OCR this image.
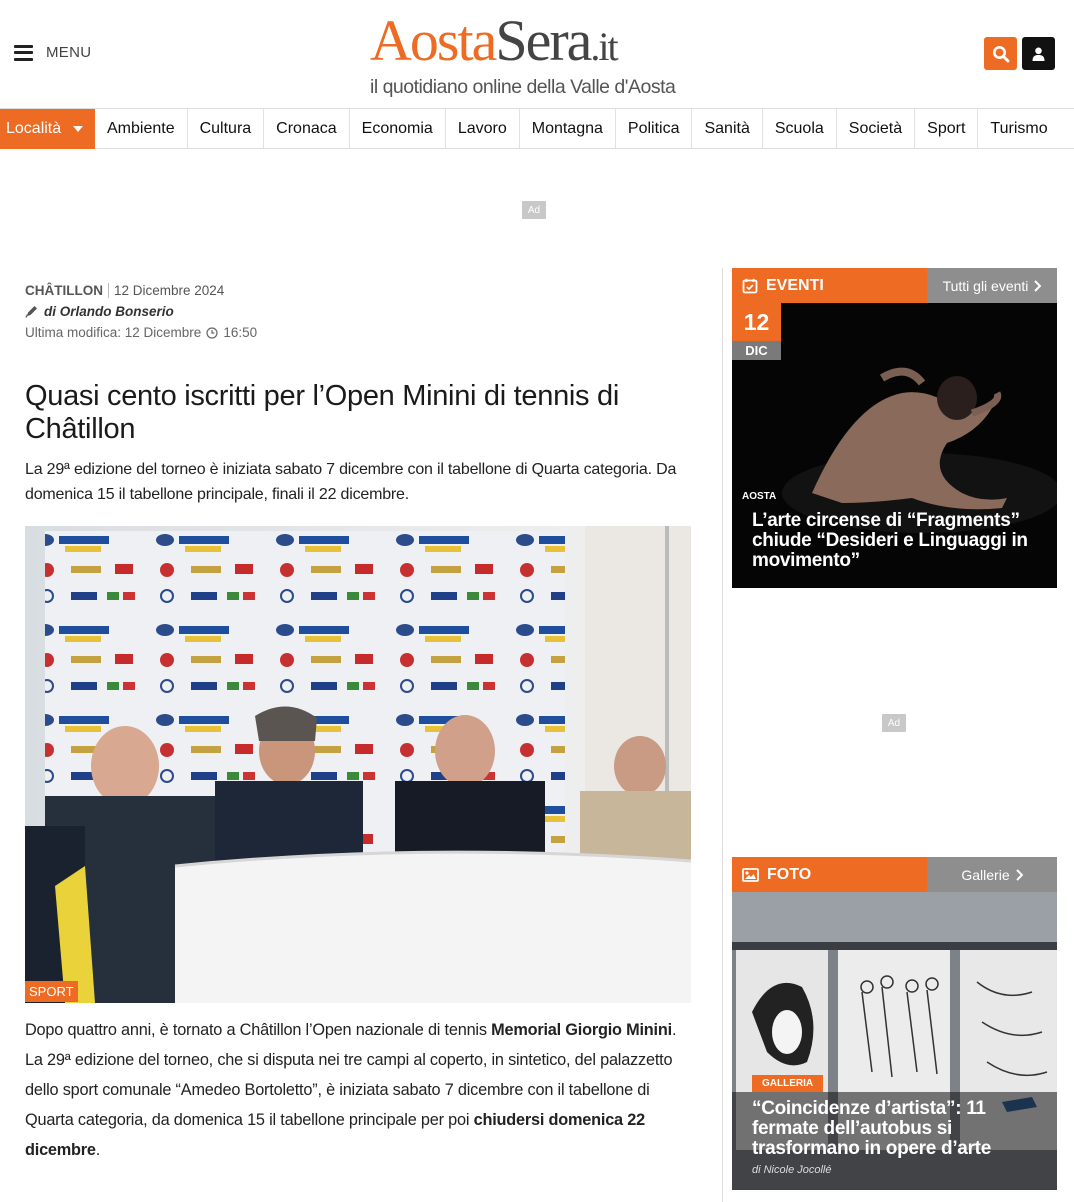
MENU	AostaSera.it
il quotidiano online della Valle d'Aosta
Località	Ambiente	Cultura	Cronaca	Economia	Lavoro	Montagna	Politica	Sanità	Scuola	Società	Sport	Turismo
Ad
CHÂTILLON 12 Dicembre 2024
di Orlando Bonserio
Ultima modifica: 12 Dicembre 16:50
Quasi cento iscritti per l’Open Minini di tennis di Châtillon

La 29ª edizione del torneo è iniziata sabato 7 dicembre con il tabellone di Quarta categoria. Da domenica 15 il tabellone principale, finali il 22 dicembre.

SPORT
Dopo quattro anni, è tornato a Châtillon l’Open nazionale di tennis Memorial Giorgio Minini. La 29ª edizione del torneo, che si disputa nei tre campi al coperto, in sintetico, del palazzetto dello sport comunale “Amedeo Bortoletto”, è iniziata sabato 7 dicembre con il tabellone di Quarta categoria, da domenica 15 il tabellone principale per poi chiudersi domenica 22 dicembre.
EVENTI	Tutti gli eventi
12
DIC
AOSTA
L’arte circense di “Fragments” chiude “Desideri e Linguaggi in movimento”
Ad
FOTO	Gallerie
GALLERIA
“Coincidenze d’artista”: 11 fermate dell’autobus si trasformano in opere d’arte
di Nicole Jocollé
